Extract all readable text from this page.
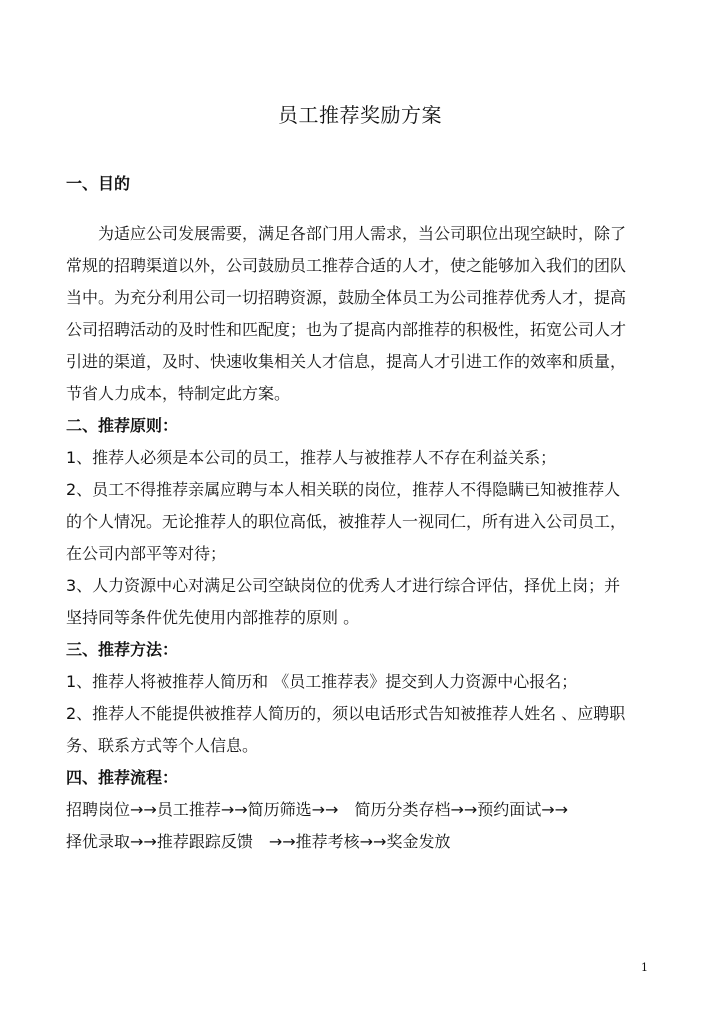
员工推荐奖励方案
一、目的
为适应公司发展需要，满足各部门用人需求，当公司职位出现空缺时，除了
常规的招聘渠道以外，公司鼓励员工推荐合适的人才，使之能够加入我们的团队
当中。为充分利用公司一切招聘资源，鼓励全体员工为公司推荐优秀人才，提高
公司招聘活动的及时性和匹配度；也为了提高内部推荐的积极性，拓宽公司人才
引进的渠道，及时、快速收集相关人才信息，提高人才引进工作的效率和质量，
节省人力成本，特制定此方案。
二、推荐原则：
1、推荐人必须是本公司的员工，推荐人与被推荐人不存在利益关系；
2、员工不得推荐亲属应聘与本人相关联的岗位，推荐人不得隐瞒已知被推荐人
的个人情况。无论推荐人的职位高低，被推荐人一视同仁，所有进入公司员工，
在公司内部平等对待；
3、人力资源中心对满足公司空缺岗位的优秀人才进行综合评估，择优上岗；并
坚持同等条件优先使用内部推荐的原则 。
三、推荐方法：
1、推荐人将被推荐人简历和 《员工推荐表》提交到人力资源中心报名；
2、推荐人不能提供被推荐人简历的，须以电话形式告知被推荐人姓名 、应聘职
务、联系方式等个人信息。
四、推荐流程：
招聘岗位→→员工推荐→→简历筛选→→　简历分类存档→→预约面试→→
择优录取→→推荐跟踪反馈　→→推荐考核→→奖金发放
1
